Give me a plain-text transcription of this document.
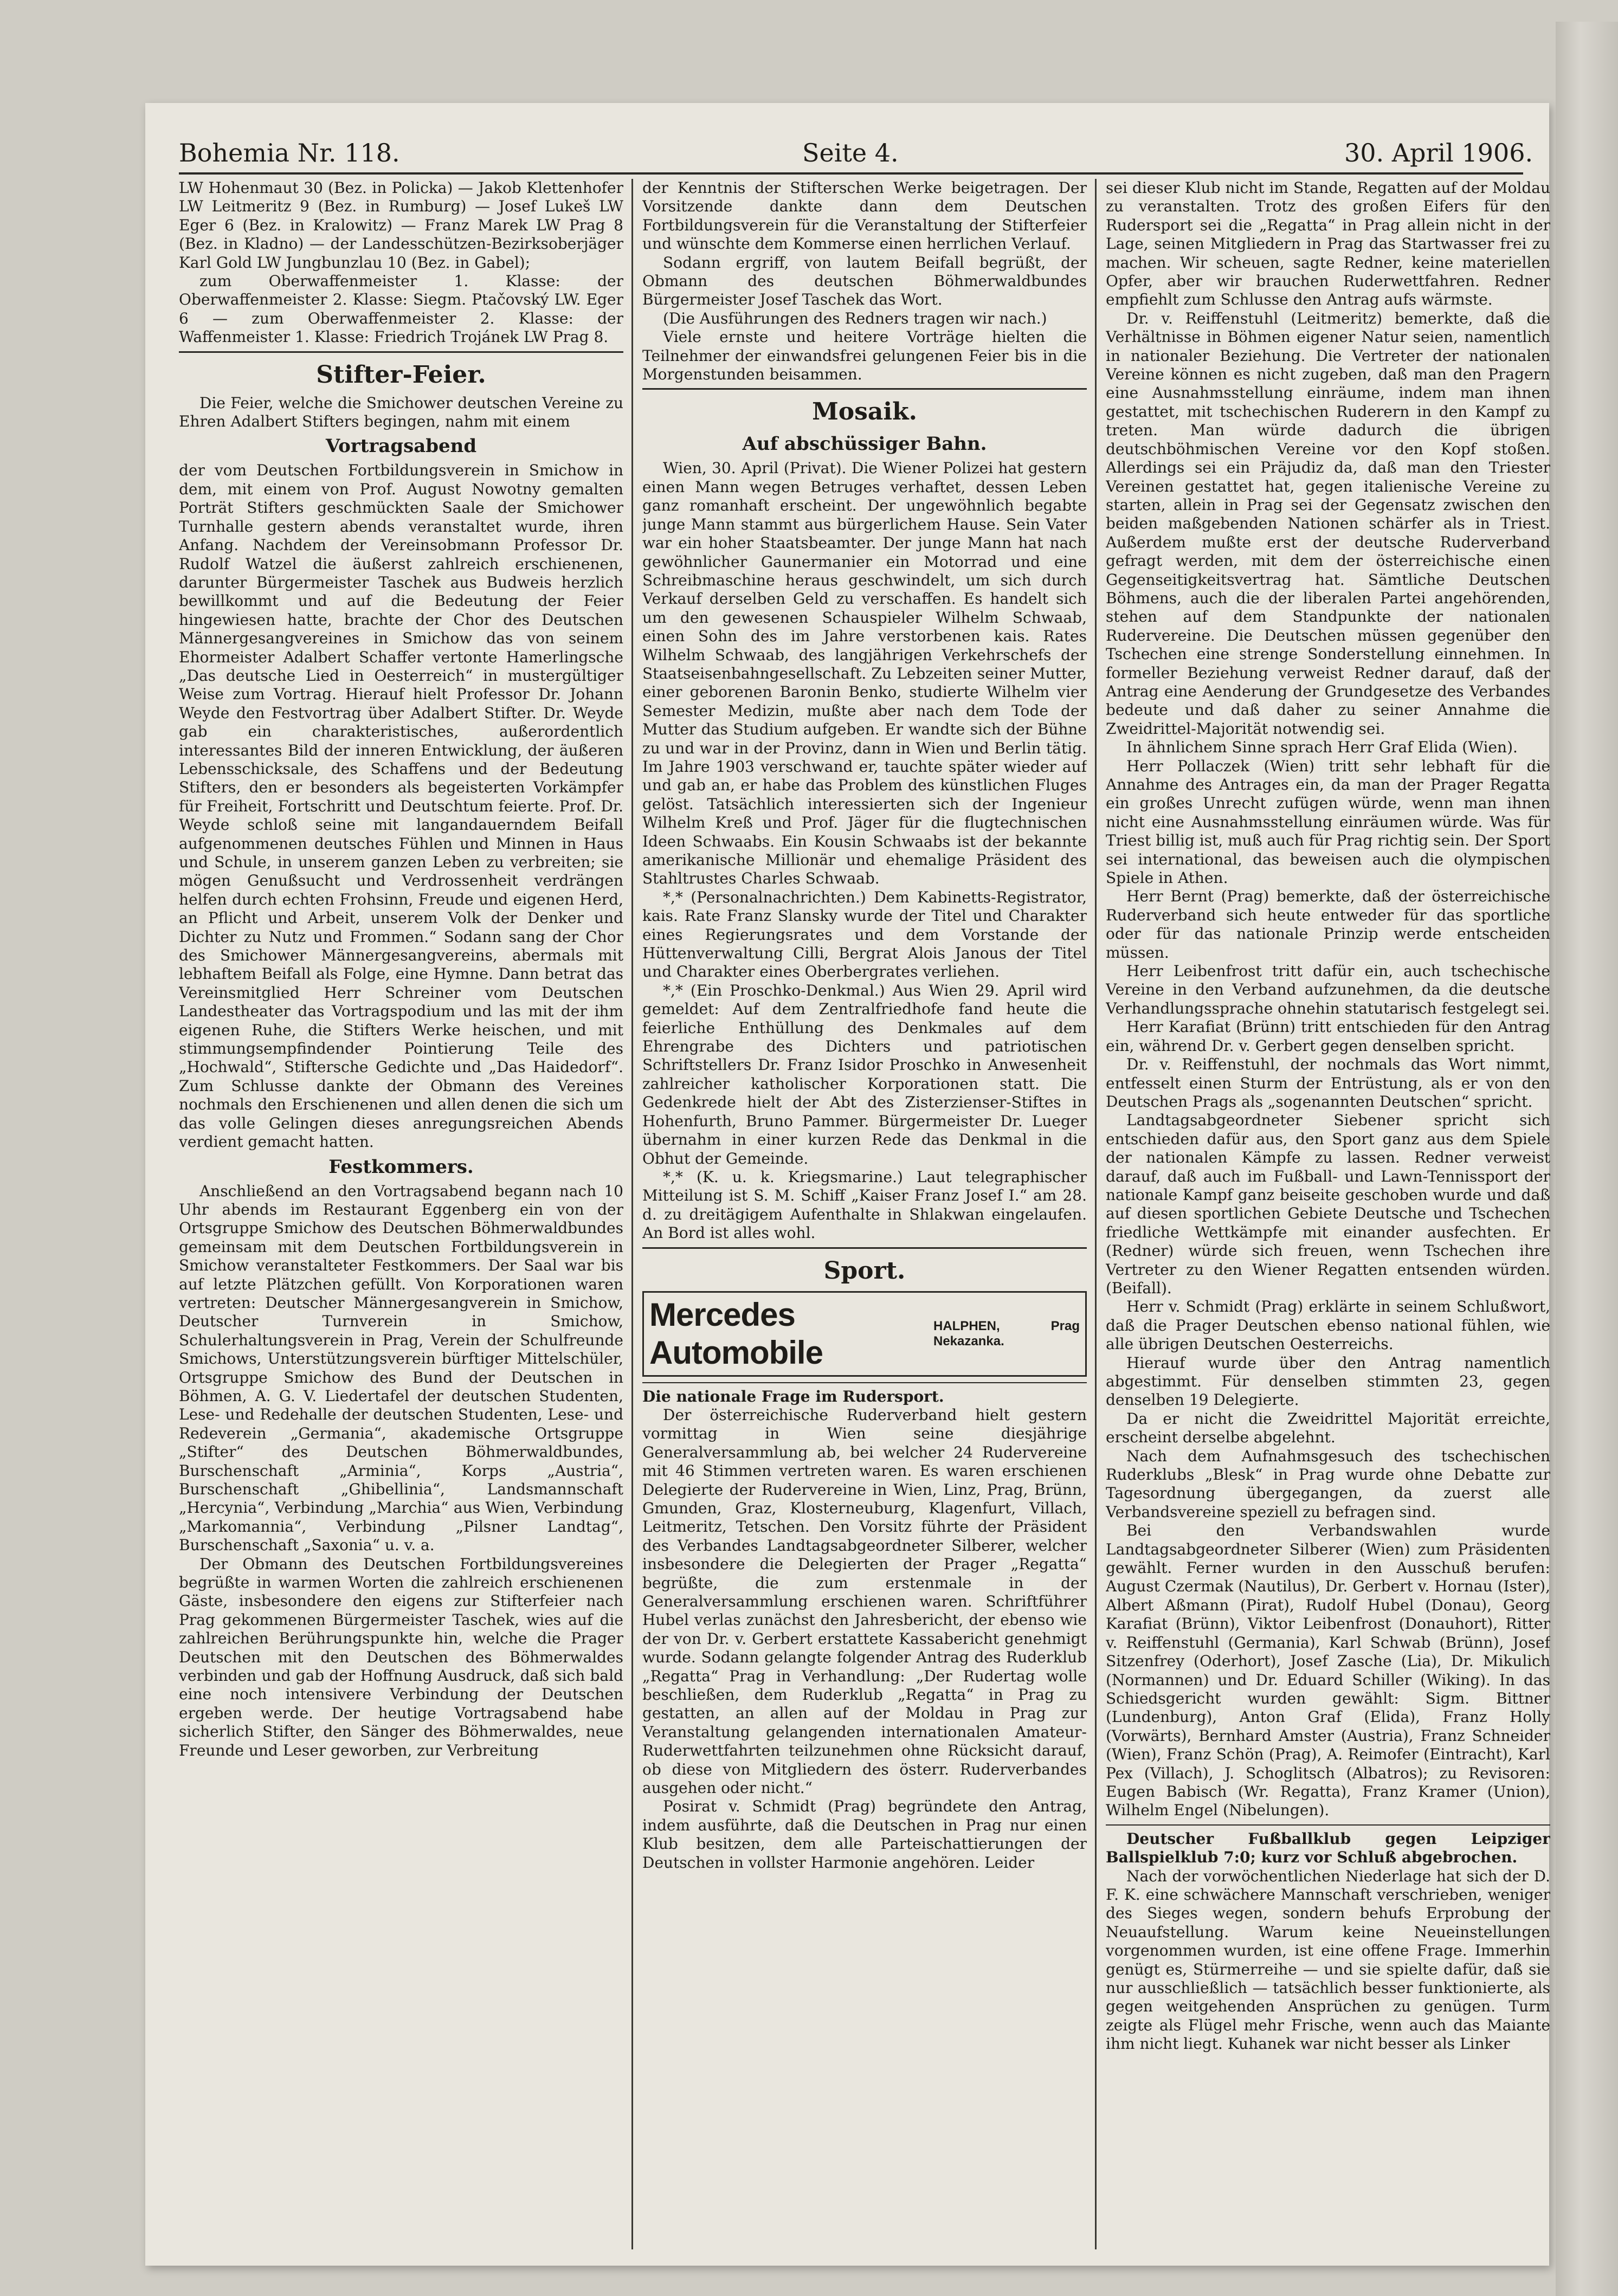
Bohemia Nr. 118.	Seite 4.	30. April 1906.

LW Hohenmaut 30 (Bez. in Policka) — Jakob Klettenhofer LW Leitmeritz 9 (Bez. in Rumburg) — Josef Lukeš LW Eger 6 (Bez. in Kralowitz) — Franz Marek LW Prag 8 (Bez. in Kladno) — der Landesschützen-Bezirksoberjäger Karl Gold LW Jungbunzlau 10 (Bez. in Gabel);

zum Oberwaffenmeister 1. Klasse: der Oberwaffenmeister 2. Klasse: Siegm. Ptačovský LW. Eger 6 — zum Oberwaffenmeister 2. Klasse: der Waffenmeister 1. Klasse: Friedrich Trojánek LW Prag 8.

Stifter-Feier.

Die Feier, welche die Smichower deutschen Vereine zu Ehren Adalbert Stifters begingen, nahm mit einem

Vortragsabend

der vom Deutschen Fortbildungsverein in Smichow in dem, mit einem von Prof. August Nowotny gemalten Porträt Stifters geschmückten Saale der Smichower Turnhalle gestern abends veranstaltet wurde, ihren Anfang. Nachdem der Vereinsobmann Professor Dr. Rudolf Watzel die äußerst zahlreich erschienenen, darunter Bürgermeister Taschek aus Budweis herzlich bewillkommt und auf die Bedeutung der Feier hingewiesen hatte, brachte der Chor des Deutschen Männergesangvereines in Smichow das von seinem Ehormeister Adalbert Schaffer vertonte Hamerlingsche „Das deutsche Lied in Oesterreich“ in mustergültiger Weise zum Vortrag. Hierauf hielt Professor Dr. Johann Weyde den Festvortrag über Adalbert Stifter. Dr. Weyde gab ein charakteristisches, außerordentlich interessantes Bild der inneren Entwicklung, der äußeren Lebensschicksale, des Schaffens und der Bedeutung Stifters, den er besonders als begeisterten Vorkämpfer für Freiheit, Fortschritt und Deutschtum feierte. Prof. Dr. Weyde schloß seine mit langandauerndem Beifall aufgenommenen deutsches Fühlen und Minnen in Haus und Schule, in unserem ganzen Leben zu verbreiten; sie mögen Genußsucht und Verdrossenheit verdrängen helfen durch echten Frohsinn, Freude und eigenen Herd, an Pflicht und Arbeit, unserem Volk der Denker und Dichter zu Nutz und Frommen.“ Sodann sang der Chor des Smichower Männergesangvereins, abermals mit lebhaftem Beifall als Folge, eine Hymne. Dann betrat das Vereinsmitglied Herr Schreiner vom Deutschen Landestheater das Vortragspodium und las mit der ihm eigenen Ruhe, die Stifters Werke heischen, und mit stimmungsempfindender Pointierung Teile des „Hochwald“, Stiftersche Gedichte und „Das Haidedorf“. Zum Schlusse dankte der Obmann des Vereines nochmals den Erschienenen und allen denen die sich um das volle Gelingen dieses anregungsreichen Abends verdient gemacht hatten.

Festkommers.

Anschließend an den Vortragsabend begann nach 10 Uhr abends im Restaurant Eggenberg ein von der Ortsgruppe Smichow des Deutschen Böhmerwaldbundes gemeinsam mit dem Deutschen Fortbildungsverein in Smichow veranstalteter Festkommers. Der Saal war bis auf letzte Plätzchen gefüllt. Von Korporationen waren vertreten: Deutscher Männergesangverein in Smichow, Deutscher Turnverein in Smichow, Schulerhaltungsverein in Prag, Verein der Schulfreunde Smichows, Unterstützungsverein bürftiger Mittelschüler, Ortsgruppe Smichow des Bund der Deutschen in Böhmen, A. G. V. Liedertafel der deutschen Studenten, Lese- und Redehalle der deutschen Studenten, Lese- und Redeverein „Germania“, akademische Ortsgruppe „Stifter“ des Deutschen Böhmerwaldbundes, Burschenschaft „Arminia“, Korps „Austria“, Burschenschaft „Ghibellinia“, Landsmannschaft „Hercynia“, Verbindung „Marchia“ aus Wien, Verbindung „Markomannia“, Verbindung „Pilsner Landtag“, Burschenschaft „Saxonia“ u. v. a.

Der Obmann des Deutschen Fortbildungsvereines begrüßte in warmen Worten die zahlreich erschienenen Gäste, insbesondere den eigens zur Stifterfeier nach Prag gekommenen Bürgermeister Taschek, wies auf die zahlreichen Berührungspunkte hin, welche die Prager Deutschen mit den Deutschen des Böhmerwaldes verbinden und gab der Hoffnung Ausdruck, daß sich bald eine noch intensivere Verbindung der Deutschen ergeben werde. Der heutige Vortragsabend habe sicherlich Stifter, den Sänger des Böhmerwaldes, neue Freunde und Leser geworben, zur Verbreitung

der Kenntnis der Stifterschen Werke beigetragen. Der Vorsitzende dankte dann dem Deutschen Fortbildungsverein für die Veranstaltung der Stifterfeier und wünschte dem Kommerse einen herrlichen Verlauf.

Sodann ergriff, von lautem Beifall begrüßt, der Obmann des deutschen Böhmerwaldbundes Bürgermeister Josef Taschek das Wort.

(Die Ausführungen des Redners tragen wir nach.)

Viele ernste und heitere Vorträge hielten die Teilnehmer der einwandsfrei gelungenen Feier bis in die Morgenstunden beisammen.

Mosaik.
Auf abschüssiger Bahn.

Wien, 30. April (Privat). Die Wiener Polizei hat gestern einen Mann wegen Betruges verhaftet, dessen Leben ganz romanhaft erscheint. Der ungewöhnlich begabte junge Mann stammt aus bürgerlichem Hause. Sein Vater war ein hoher Staatsbeamter. Der junge Mann hat nach gewöhnlicher Gaunermanier ein Motorrad und eine Schreibmaschine heraus geschwindelt, um sich durch Verkauf derselben Geld zu verschaffen. Es handelt sich um den gewesenen Schauspieler Wilhelm Schwaab, einen Sohn des im Jahre verstorbenen kais. Rates Wilhelm Schwaab, des langjährigen Verkehrschefs der Staatseisenbahngesellschaft. Zu Lebzeiten seiner Mutter, einer geborenen Baronin Benko, studierte Wilhelm vier Semester Medizin, mußte aber nach dem Tode der Mutter das Studium aufgeben. Er wandte sich der Bühne zu und war in der Provinz, dann in Wien und Berlin tätig. Im Jahre 1903 verschwand er, tauchte später wieder auf und gab an, er habe das Problem des künstlichen Fluges gelöst. Tatsächlich interessierten sich der Ingenieur Wilhelm Kreß und Prof. Jäger für die flugtechnischen Ideen Schwaabs. Ein Kousin Schwaabs ist der bekannte amerikanische Millionär und ehemalige Präsident des Stahltrustes Charles Schwaab.

*,* (Personalnachrichten.) Dem Kabinetts-Registrator, kais. Rate Franz Slansky wurde der Titel und Charakter eines Regierungsrates und dem Vorstande der Hüttenverwaltung Cilli, Bergrat Alois Janous der Titel und Charakter eines Oberbergrates verliehen.

*,* (Ein Proschko-Denkmal.) Aus Wien 29. April wird gemeldet: Auf dem Zentralfriedhofe fand heute die feierliche Enthüllung des Denkmales auf dem Ehrengrabe des Dichters und patriotischen Schriftstellers Dr. Franz Isidor Proschko in Anwesenheit zahlreicher katholischer Korporationen statt. Die Gedenkrede hielt der Abt des Zisterzienser-Stiftes in Hohenfurth, Bruno Pammer. Bürgermeister Dr. Lueger übernahm in einer kurzen Rede das Denkmal in die Obhut der Gemeinde.

*,* (K. u. k. Kriegsmarine.) Laut telegraphischer Mitteilung ist S. M. Schiff „Kaiser Franz Josef I.“ am 28. d. zu dreitägigem Aufenthalte in Shlakwan eingelaufen. An Bord ist alles wohl.

Sport.
Mercedes Automobile
HALPHEN, Prag Nekazanka.

Die nationale Frage im Rudersport.

Der österreichische Ruderverband hielt gestern vormittag in Wien seine diesjährige Generalversammlung ab, bei welcher 24 Rudervereine mit 46 Stimmen vertreten waren. Es waren erschienen Delegierte der Rudervereine in Wien, Linz, Prag, Brünn, Gmunden, Graz, Klosterneuburg, Klagenfurt, Villach, Leitmeritz, Tetschen. Den Vorsitz führte der Präsident des Verbandes Landtagsabgeordneter Silberer, welcher insbesondere die Delegierten der Prager „Regatta“ begrüßte, die zum erstenmale in der Generalversammlung erschienen waren. Schriftführer Hubel verlas zunächst den Jahresbericht, der ebenso wie der von Dr. v. Gerbert erstattete Kassabericht genehmigt wurde. Sodann gelangte folgender Antrag des Ruderklub „Regatta“ Prag in Verhandlung: „Der Rudertag wolle beschließen, dem Ruderklub „Regatta“ in Prag zu gestatten, an allen auf der Moldau in Prag zur Veranstaltung gelangenden internationalen Amateur-Ruderwettfahrten teilzunehmen ohne Rücksicht darauf, ob diese von Mitgliedern des österr. Ruderverbandes ausgehen oder nicht.“

Posirat v. Schmidt (Prag) begründete den Antrag, indem ausführte, daß die Deutschen in Prag nur einen Klub besitzen, dem alle Parteischattierungen der Deutschen in vollster Harmonie angehören. Leider

sei dieser Klub nicht im Stande, Regatten auf der Moldau zu veranstalten. Trotz des großen Eifers für den Rudersport sei die „Regatta“ in Prag allein nicht in der Lage, seinen Mitgliedern in Prag das Startwasser frei zu machen. Wir scheuen, sagte Redner, keine materiellen Opfer, aber wir brauchen Ruderwettfahren. Redner empfiehlt zum Schlusse den Antrag aufs wärmste.

Dr. v. Reiffenstuhl (Leitmeritz) bemerkte, daß die Verhältnisse in Böhmen eigener Natur seien, namentlich in nationaler Beziehung. Die Vertreter der nationalen Vereine können es nicht zugeben, daß man den Pragern eine Ausnahmsstellung einräume, indem man ihnen gestattet, mit tschechischen Ruderern in den Kampf zu treten. Man würde dadurch die übrigen deutschböhmischen Vereine vor den Kopf stoßen. Allerdings sei ein Präjudiz da, daß man den Triester Vereinen gestattet hat, gegen italienische Vereine zu starten, allein in Prag sei der Gegensatz zwischen den beiden maßgebenden Nationen schärfer als in Triest. Außerdem mußte erst der deutsche Ruderverband gefragt werden, mit dem der österreichische einen Gegenseitigkeitsvertrag hat. Sämtliche Deutschen Böhmens, auch die der liberalen Partei angehörenden, stehen auf dem Standpunkte der nationalen Rudervereine. Die Deutschen müssen gegenüber den Tschechen eine strenge Sonderstellung einnehmen. In formeller Beziehung verweist Redner darauf, daß der Antrag eine Aenderung der Grundgesetze des Verbandes bedeute und daß daher zu seiner Annahme die Zweidrittel-Majorität notwendig sei.

In ähnlichem Sinne sprach Herr Graf Elida (Wien).

Herr Pollaczek (Wien) tritt sehr lebhaft für die Annahme des Antrages ein, da man der Prager Regatta ein großes Unrecht zufügen würde, wenn man ihnen nicht eine Ausnahmsstellung einräumen würde. Was für Triest billig ist, muß auch für Prag richtig sein. Der Sport sei international, das beweisen auch die olympischen Spiele in Athen.

Herr Bernt (Prag) bemerkte, daß der österreichische Ruderverband sich heute entweder für das sportliche oder für das nationale Prinzip werde entscheiden müssen.

Herr Leibenfrost tritt dafür ein, auch tschechische Vereine in den Verband aufzunehmen, da die deutsche Verhandlungssprache ohnehin statutarisch festgelegt sei.

Herr Karafiat (Brünn) tritt entschieden für den Antrag ein, während Dr. v. Gerbert gegen denselben spricht.

Dr. v. Reiffenstuhl, der nochmals das Wort nimmt, entfesselt einen Sturm der Entrüstung, als er von den Deutschen Prags als „sogenannten Deutschen“ spricht.

Landtagsabgeordneter Siebener spricht sich entschieden dafür aus, den Sport ganz aus dem Spiele der nationalen Kämpfe zu lassen. Redner verweist darauf, daß auch im Fußball- und Lawn-Tennissport der nationale Kampf ganz beiseite geschoben wurde und daß auf diesen sportlichen Gebiete Deutsche und Tschechen friedliche Wettkämpfe mit einander ausfechten. Er (Redner) würde sich freuen, wenn Tschechen ihre Vertreter zu den Wiener Regatten entsenden würden. (Beifall).

Herr v. Schmidt (Prag) erklärte in seinem Schlußwort, daß die Prager Deutschen ebenso national fühlen, wie alle übrigen Deutschen Oesterreichs.

Hierauf wurde über den Antrag namentlich abgestimmt. Für denselben stimmten 23, gegen denselben 19 Delegierte.

Da er nicht die Zweidrittel Majorität erreichte, erscheint derselbe abgelehnt.

Nach dem Aufnahmsgesuch des tschechischen Ruderklubs „Blesk“ in Prag wurde ohne Debatte zur Tagesordnung übergegangen, da zuerst alle Verbandsvereine speziell zu befragen sind.

Bei den Verbandswahlen wurde Landtagsabgeordneter Silberer (Wien) zum Präsidenten gewählt. Ferner wurden in den Ausschuß berufen: August Czermak (Nautilus), Dr. Gerbert v. Hornau (Ister), Albert Aßmann (Pirat), Rudolf Hubel (Donau), Georg Karafiat (Brünn), Viktor Leibenfrost (Donauhort), Ritter v. Reiffenstuhl (Germania), Karl Schwab (Brünn), Josef Sitzenfrey (Oderhort), Josef Zasche (Lia), Dr. Mikulich (Normannen) und Dr. Eduard Schiller (Wiking). In das Schiedsgericht wurden gewählt: Sigm. Bittner (Lundenburg), Anton Graf (Elida), Franz Holly (Vorwärts), Bernhard Amster (Austria), Franz Schneider (Wien), Franz Schön (Prag), A. Reimofer (Eintracht), Karl Pex (Villach), J. Schoglitsch (Albatros); zu Revisoren: Eugen Babisch (Wr. Regatta), Franz Kramer (Union), Wilhelm Engel (Nibelungen).

Deutscher Fußballklub gegen Leipziger Ballspielklub 7:0; kurz vor Schluß abgebrochen.

Nach der vorwöchentlichen Niederlage hat sich der D. F. K. eine schwächere Mannschaft verschrieben, weniger des Sieges wegen, sondern behufs Erprobung der Neuaufstellung. Warum keine Neueinstellungen vorgenommen wurden, ist eine offene Frage. Immerhin genügt es, Stürmerreihe — und sie spielte dafür, daß sie nur ausschließlich — tatsächlich besser funktionierte, als gegen weitgehenden Ansprüchen zu genügen. Turm zeigte als Flügel mehr Frische, wenn auch das Maiante ihm nicht liegt. Kuhanek war nicht besser als Linker
